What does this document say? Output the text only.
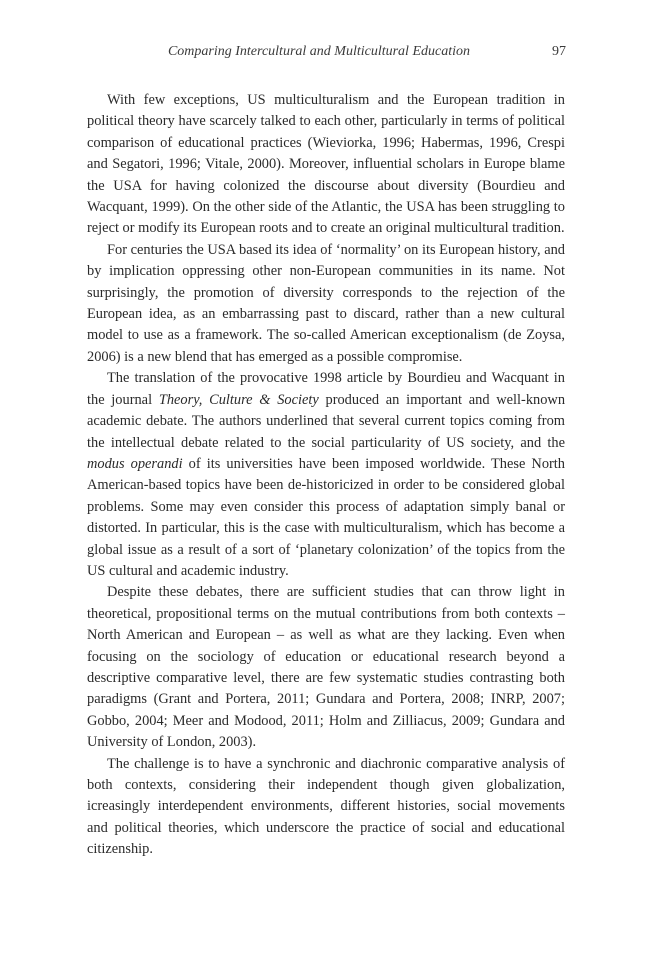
Comparing Intercultural and Multicultural Education	97

With few exceptions, US multiculturalism and the European tradition in political theory have scarcely talked to each other, particularly in terms of political comparison of educational practices (Wieviorka, 1996; Habermas, 1996, Crespi and Segatori, 1996; Vitale, 2000). Moreover, influential scholars in Europe blame the USA for having colonized the discourse about diversity (Bourdieu and Wacquant, 1999). On the other side of the Atlantic, the USA has been struggling to reject or modify its European roots and to create an original multicultural tradition.

For centuries the USA based its idea of ‘normality’ on its European history, and by implication oppressing other non-European communities in its name. Not surprisingly, the promotion of diversity corresponds to the rejection of the European idea, as an embarrassing past to discard, rather than a new cultural model to use as a framework. The so-called American exceptionalism (de Zoysa, 2006) is a new blend that has emerged as a possible compromise.

The translation of the provocative 1998 article by Bourdieu and Wacquant in the journal Theory, Culture & Society produced an important and well-known academic debate. The authors underlined that several current topics coming from the intellectual debate related to the social particularity of US society, and the modus operandi of its universities have been imposed worldwide. These North American-based topics have been de-historicized in order to be considered global problems. Some may even consider this process of adaptation simply banal or distorted. In particular, this is the case with multiculturalism, which has become a global issue as a result of a sort of ‘planetary colonization’ of the topics from the US cultural and academic industry.

Despite these debates, there are sufficient studies that can throw light in theoretical, propositional terms on the mutual contributions from both contexts – North American and European – as well as what are they lacking. Even when focusing on the sociology of education or educational research beyond a descriptive comparative level, there are few systematic studies contrasting both paradigms (Grant and Portera, 2011; Gundara and Portera, 2008; INRP, 2007; Gobbo, 2004; Meer and Modood, 2011; Holm and Zilliacus, 2009; Gundara and University of London, 2003).

The challenge is to have a synchronic and diachronic comparative analysis of both contexts, considering their independent though given globalization, icreasingly interdependent environments, different histories, social movements and political theories, which underscore the practice of social and educational citizenship.
